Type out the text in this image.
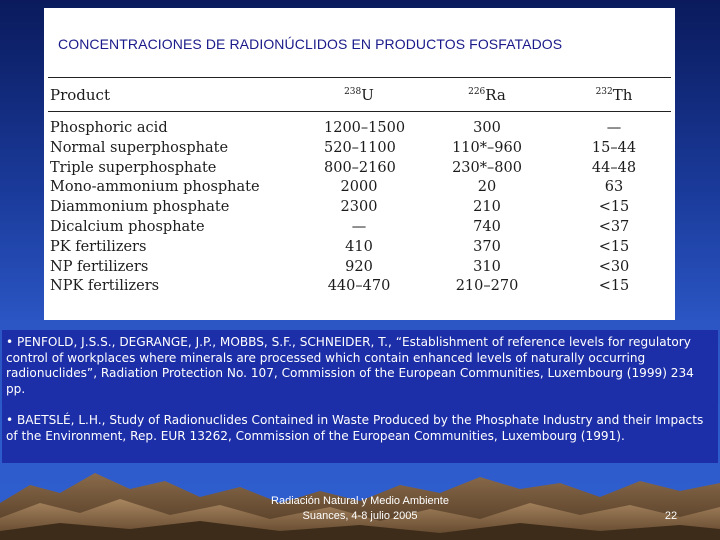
CONCENTRACIONES DE RADIONÚCLIDOS EN PRODUCTOS FOSFATADOS
Product	$^{238}$U	$^{226}$Ra	$^{232}$Th
Phosphoric acid	1200–1500	300	—
Normal superphosphate	520–1100	110*–960	15–44
Triple superphosphate	800–2160	230*–800	44–48
Mono-ammonium phosphate	2000	20	63
Diammonium phosphate	2300	210	<15
Dicalcium phosphate	—	740	<37
PK fertilizers	410	370	<15
NP fertilizers	920	310	<30
NPK fertilizers	440–470	210–270	<15
• PENFOLD, J.S.S., DEGRANGE, J.P., MOBBS, S.F., SCHNEIDER, T., “Establishment of reference levels for regulatory control of workplaces where minerals are processed which contain enhanced levels of naturally occurring radionuclides”, Radiation Protection No. 107, Commission of the European Communities, Luxembourg (1999) 234 pp.
• BAETSLÉ, L.H., Study of Radionuclides Contained in Waste Produced by the Phosphate Industry and their Impacts of the Environment, Rep. EUR 13262, Commission of the European Communities, Luxembourg (1991).
Radiación Natural y Medio Ambiente
Suances, 4-8 julio 2005	22
